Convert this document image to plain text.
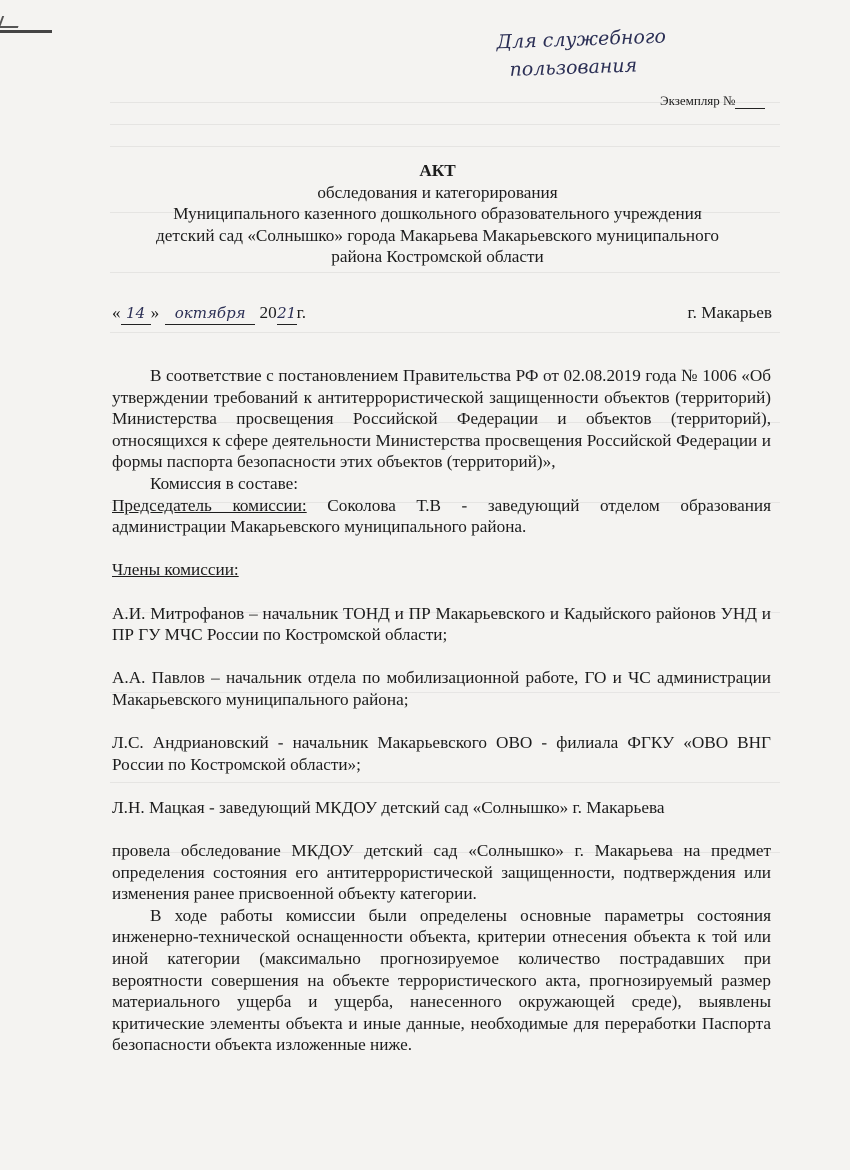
Для служебного
пользования
Экземпляр №
АКТ
обследования и категорирования
Муниципального казенного дошкольного образовательного учреждения
детский сад «Солнышко» города Макарьева Макарьевского муниципального
района Костромской области
« 14 » октября 2021г.	г. Макарьев
В соответствие с постановлением Правительства РФ от 02.08.2019 года № 1006 «Об утверждении требований к антитеррористической защищенности объектов (территорий) Министерства просвещения Российской Федерации и объектов (территорий), относящихся к сфере деятельности Министерства просвещения Российской Федерации и формы паспорта безопасности этих объектов (территорий)»,
Комиссия в составе:
Председатель комиссии: Соколова Т.В - заведующий отделом образования администрации Макарьевского муниципального района.
Члены комиссии:
А.И. Митрофанов – начальник ТОНД и ПР Макарьевского и Кадыйского районов УНД и ПР ГУ МЧС России по Костромской области;
А.А. Павлов – начальник отдела по мобилизационной работе, ГО и ЧС администрации Макарьевского муниципального района;
Л.С. Андриановский - начальник Макарьевского ОВО - филиала ФГКУ «ОВО ВНГ России по Костромской области»;
Л.Н. Мацкая - заведующий МКДОУ детский сад «Солнышко» г. Макарьева
провела обследование МКДОУ детский сад «Солнышко» г. Макарьева на предмет определения состояния его антитеррористической защищенности, подтверждения или изменения ранее присвоенной объекту категории.
В ходе работы комиссии были определены основные параметры состояния инженерно-технической оснащенности объекта, критерии отнесения объекта к той или иной категории (максимально прогнозируемое количество пострадавших при вероятности совершения на объекте террористического акта, прогнозируемый размер материального ущерба и ущерба, нанесенного окружающей среде), выявлены критические элементы объекта и иные данные, необходимые для переработки Паспорта безопасности объекта изложенные ниже.
